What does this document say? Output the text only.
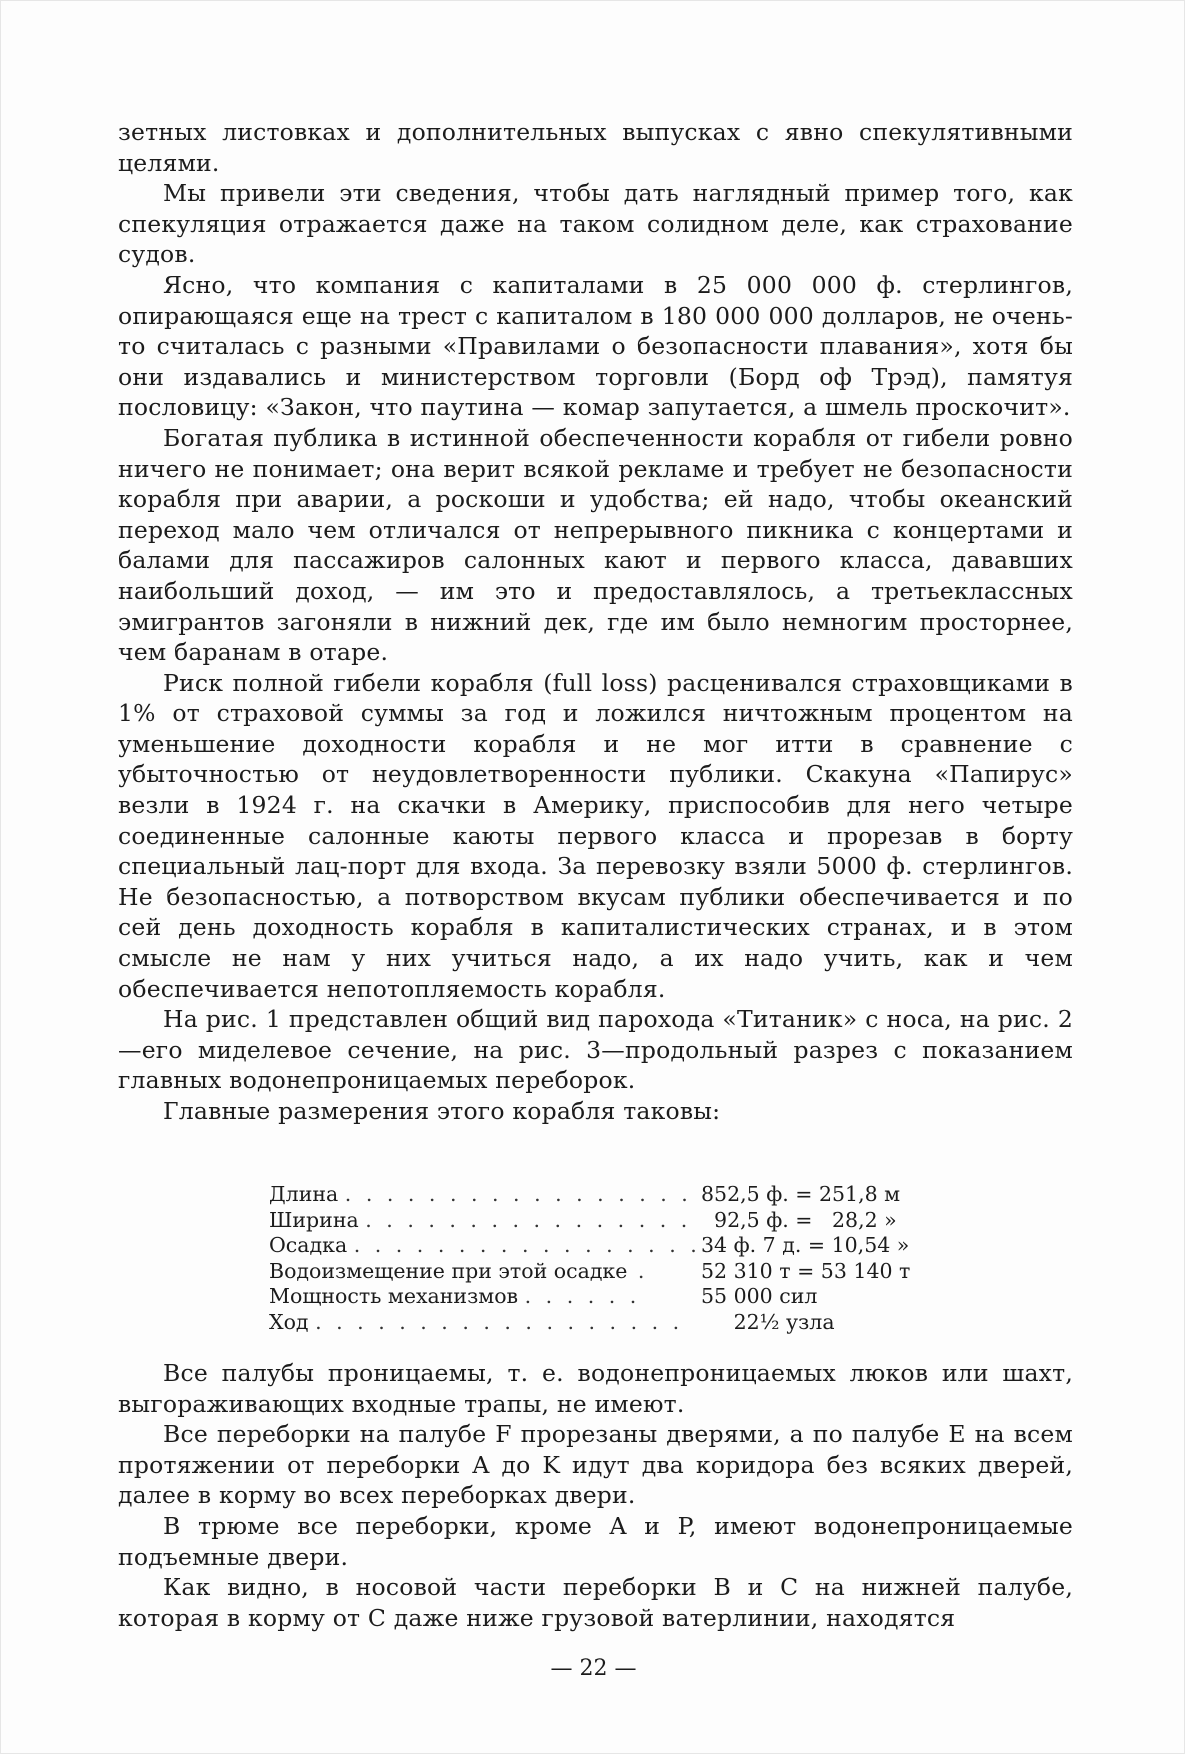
зетных листовках и дополнительных выпусках с явно спекулятивными целями.

Мы привели эти сведения, чтобы дать наглядный пример того, как спекуляция отражается даже на таком солидном деле, как страхование судов.

Ясно, что компания с капиталами в 25 000 000 ф. стерлингов, опирающаяся еще на трест с капиталом в 180 000 000 долларов, не очень-то считалась с разными «Правилами о безопасности плавания», хотя бы они издавались и министерством торговли (Борд оф Трэд), памятуя пословицу: «Закон, что паутина — комар запутается, а шмель проскочит».

Богатая публика в истинной обеспеченности корабля от гибели ровно ничего не понимает; она верит всякой рекламе и требует не безопасности корабля при аварии, а роскоши и удобства; ей надо, чтобы океанский переход мало чем отличался от непрерывного пикника с концертами и балами для пассажиров салонных кают и первого класса, дававших наибольший доход, — им это и предоставлялось, а третьеклассных эмигрантов загоняли в нижний дек, где им было немногим просторнее, чем баранам в отаре.

Риск полной гибели корабля (full loss) расценивался страховщиками в 1% от страховой суммы за год и ложился ничтожным процентом на уменьшение доходности корабля и не мог итти в сравнение с убыточностью от неудовлетворенности публики. Скакуна «Папирус» везли в 1924 г. на скачки в Америку, приспособив для него четыре соединенные салонные каюты первого класса и прорезав в борту специальный лац-порт для входа. За перевозку взяли 5000 ф. стерлингов. Не безопасностью, а потворством вкусам публики обеспечивается и по сей день доходность корабля в капиталистических странах, и в этом смысле не нам у них учиться надо, а их надо учить, как и чем обеспечивается непотопляемость корабля.

На рис. 1 представлен общий вид парохода «Титаник» с носа, на рис. 2—его миделевое сечение, на рис. 3—продольный разрез с показанием главных водонепроницаемых переборок.

Главные размерения этого корабля таковы:

Длина . . . . . . . . . . . . . . . . . 852,5 ф. = 251,8 м
Ширина . . . . . . . . . . . . . . . . 92,5 ф. =   28,2 »
Осадка . . . . . . . . . . . . . . . . . 34 ф. 7 д. = 10,54 »
Водоизмещение при этой осадке .	52 310 т = 53 140 т
Мощность механизмов . . . . . .	55 000 сил
Ход . . . . . . . . . . . . . . . . . . 22½ узла

Все палубы проницаемы, т. е. водонепроницаемых люков или шахт, выгораживающих входные трапы, не имеют.

Все переборки на палубе F прорезаны дверями, а по палубе E на всем протяжении от переборки A до K идут два коридора без всяких дверей, далее в корму во всех переборках двери.

В трюме все переборки, кроме A и P, имеют водонепроницаемые подъемные двери.

Как видно, в носовой части переборки B и C на нижней палубе, которая в корму от C даже ниже грузовой ватерлинии, находятся

— 22 —
